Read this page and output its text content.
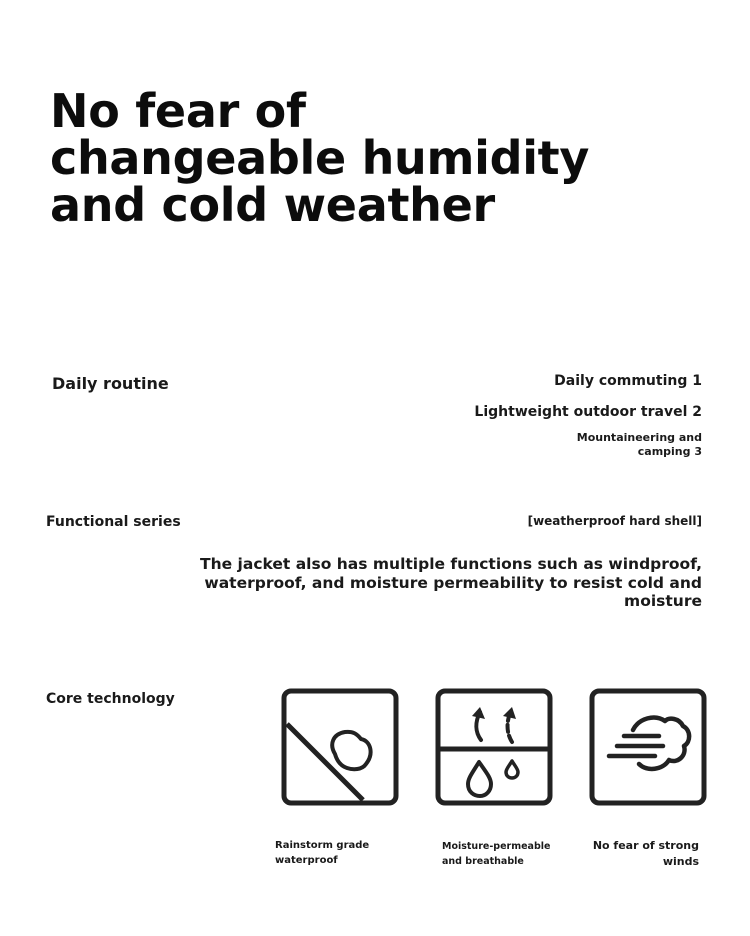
No fear of
changeable humidity
and cold weather
Daily routine	Daily commuting 1
Lightweight outdoor travel 2
Mountaineering and
camping 3
Functional series	[weatherproof hard shell]
The jacket also has multiple functions such as windproof,
waterproof, and moisture permeability to resist cold and
moisture
Core technology
Rainstorm grade
waterproof
Moisture-permeable
and breathable
No fear of strong
winds
